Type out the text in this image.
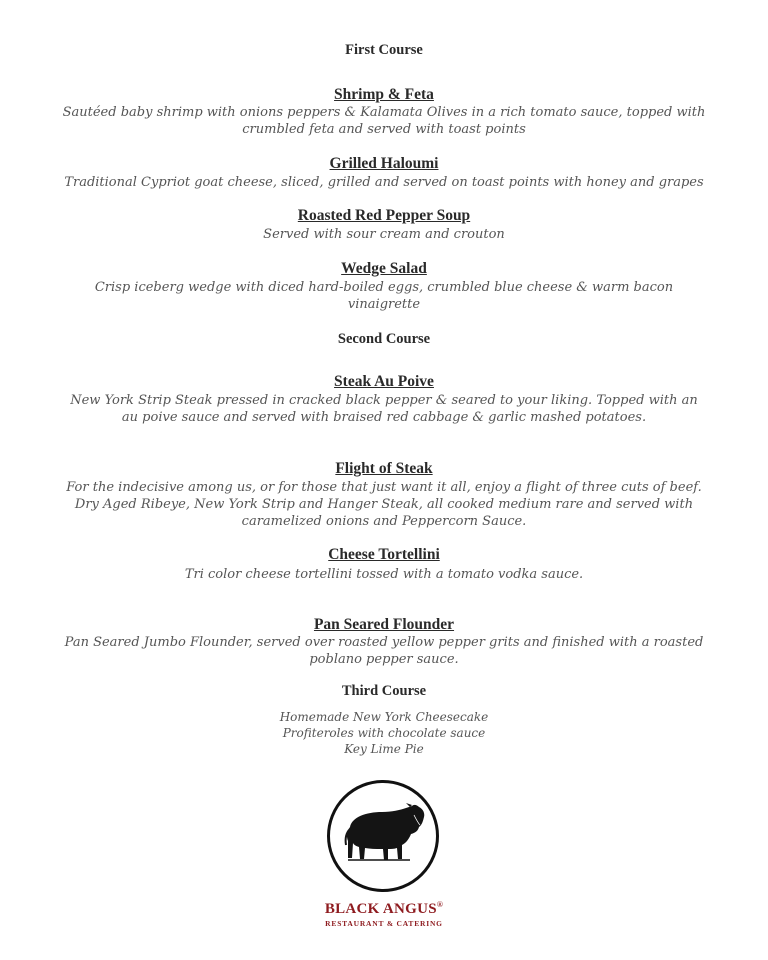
First Course
Shrimp & Feta
Sautéed baby shrimp with onions peppers & Kalamata Olives in a rich tomato sauce, topped with
crumbled feta and served with toast points
Grilled Haloumi
Traditional Cypriot goat cheese, sliced, grilled and served on toast points with honey and grapes
Roasted Red Pepper Soup
Served with sour cream and crouton
Wedge Salad
Crisp iceberg wedge with diced hard-boiled eggs, crumbled blue cheese & warm bacon
vinaigrette
Second Course
Steak Au Poive
New York Strip Steak pressed in cracked black pepper & seared to your liking. Topped with an
au poive sauce and served with braised red cabbage & garlic mashed potatoes.
Flight of Steak
For the indecisive among us, or for those that just want it all, enjoy a flight of three cuts of beef.
Dry Aged Ribeye, New York Strip and Hanger Steak, all cooked medium rare and served with
caramelized onions and Peppercorn Sauce.
Cheese Tortellini
Tri color cheese tortellini tossed with a tomato vodka sauce.
Pan Seared Flounder
Pan Seared Jumbo Flounder, served over roasted yellow pepper grits and finished with a roasted
poblano pepper sauce.
Third Course
Homemade New York Cheesecake
Profiteroles with chocolate sauce
Key Lime Pie
BLACK ANGUS®
RESTAURANT & CATERING
